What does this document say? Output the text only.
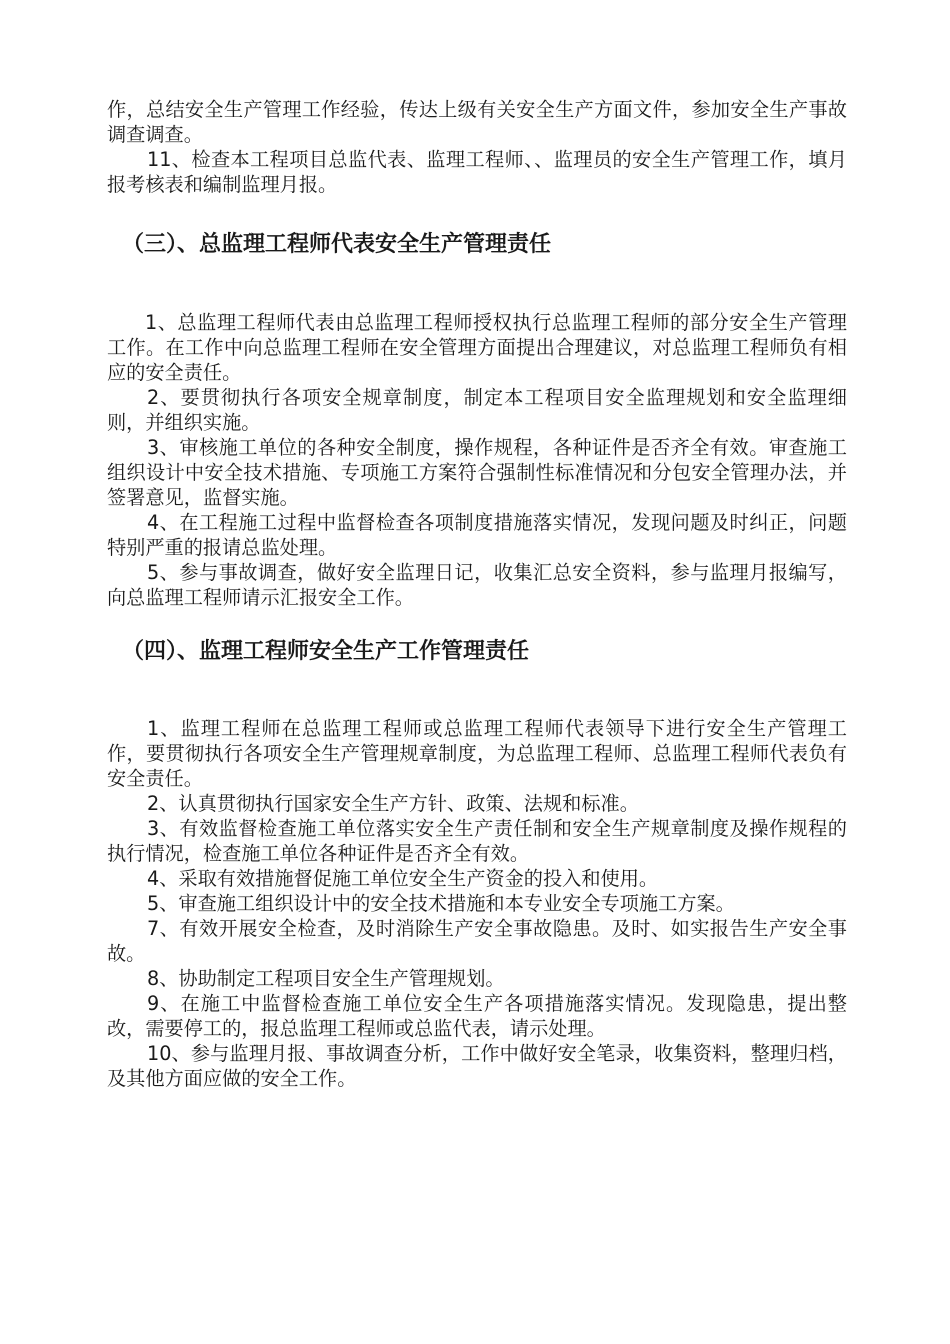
作，总结安全生产管理工作经验，传达上级有关安全生产方面文件，参加安全生产事故调查调查。

11、检查本工程项目总监代表、监理工程师、、监理员的安全生产管理工作，填月报考核表和编制监理月报。

（三）、总监理工程师代表安全生产管理责任

1、总监理工程师代表由总监理工程师授权执行总监理工程师的部分安全生产管理工作。在工作中向总监理工程师在安全管理方面提出合理建议，对总监理工程师负有相应的安全责任。

2、要贯彻执行各项安全规章制度，制定本工程项目安全监理规划和安全监理细则，并组织实施。

3、审核施工单位的各种安全制度，操作规程，各种证件是否齐全有效。审查施工组织设计中安全技术措施、专项施工方案符合强制性标准情况和分包安全管理办法，并签署意见，监督实施。

4、在工程施工过程中监督检查各项制度措施落实情况，发现问题及时纠正，问题特别严重的报请总监处理。

5、参与事故调查，做好安全监理日记，收集汇总安全资料，参与监理月报编写，向总监理工程师请示汇报安全工作。

（四）、监理工程师安全生产工作管理责任

1、监理工程师在总监理工程师或总监理工程师代表领导下进行安全生产管理工作，要贯彻执行各项安全生产管理规章制度，为总监理工程师、总监理工程师代表负有安全责任。

2、认真贯彻执行国家安全生产方针、政策、法规和标准。

3、有效监督检查施工单位落实安全生产责任制和安全生产规章制度及操作规程的执行情况，检查施工单位各种证件是否齐全有效。

4、采取有效措施督促施工单位安全生产资金的投入和使用。

5、审查施工组织设计中的安全技术措施和本专业安全专项施工方案。

7、有效开展安全检查，及时消除生产安全事故隐患。及时、如实报告生产安全事故。

8、协助制定工程项目安全生产管理规划。

9、在施工中监督检查施工单位安全生产各项措施落实情况。发现隐患，提出整改，需要停工的，报总监理工程师或总监代表，请示处理。

10、参与监理月报、事故调查分析，工作中做好安全笔录，收集资料，整理归档，及其他方面应做的安全工作。
